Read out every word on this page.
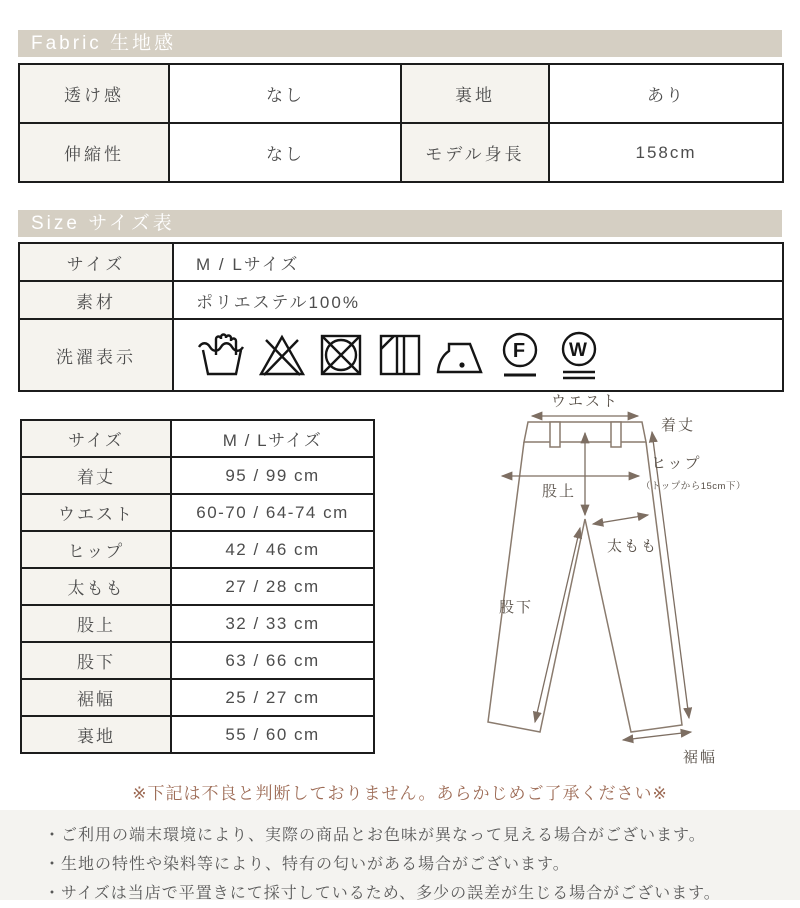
Fabric 生地感
透け感	なし	裏地	あり
伸縮性	なし	モデル身長	158cm
Size サイズ表
サイズ	M / Lサイズ
素材	ポリエステル100%
洗濯表示	F W
サイズ	M / Lサイズ
着丈	95 / 99 cm
ウエスト	60-70 / 64-74 cm
ヒップ	42 / 46 cm
太もも	27 / 28 cm
股上	32 / 33 cm
股下	63 / 66 cm
裾幅	25 / 27 cm
裏地	55 / 60 cm
ウエスト
着丈
ヒップ
（トップから15cm下）
股上
太もも
股下
裾幅
※下記は不良と判断しておりません。あらかじめご了承ください※
・ご利用の端末環境により、実際の商品とお色味が異なって見える場合がございます。
・生地の特性や染料等により、特有の匂いがある場合がございます。
・サイズは当店で平置きにて採寸しているため、多少の誤差が生じる場合がございます。
